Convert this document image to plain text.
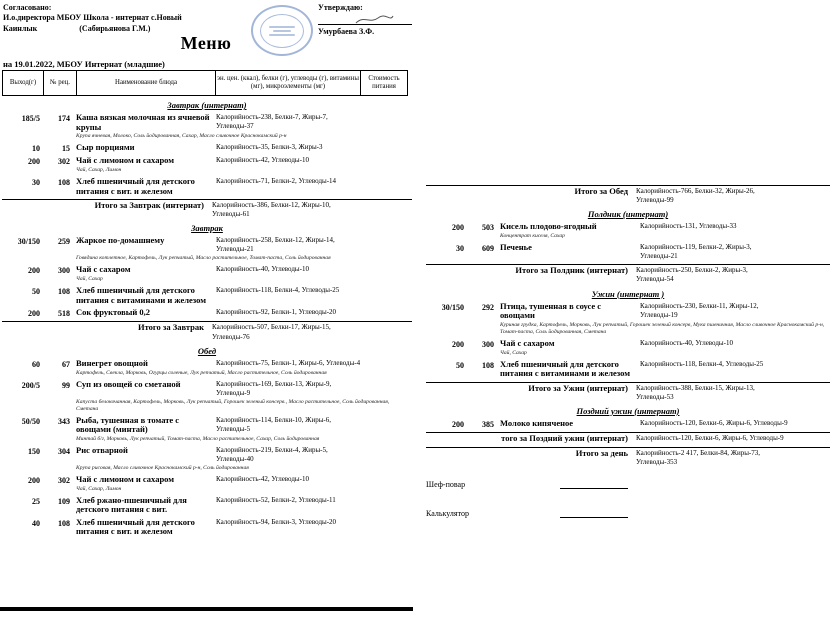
Согласовано:
И.о.директора МБОУ Школа - интернат с.Новый
Каинлык	(Сабирьянова Г.М.)
Утверждаю:
Умурбаева З.Ф.
Меню
на 19.01.2022, МБОУ Интернат (младшие)
Выход(г)	№ рец.	Наименование блюда
эн. цен. (ккал), белки (г), углеводы (г), витамины (мг), микроэлементы (мг)
Стоимость питания
Завтрак (интернат)
185/5	174 Каша вязкая молочная из ячневой крупы
Калорийность-238, Белки-7, Жиры-7, Углеводы-37
Крупа ячневая, Молоко, Соль йодированная, Сахар, Масло сливочное Краснокамский р-н
10	15 Сыр порциями	Калорийность-35, Белки-3, Жиры-3
200	302 Чай с лимоном и сахаром	Калорийность-42, Углеводы-10
Чай, Сахар, Лимон
30	108 Хлеб пшеничный для детского питания с вит. и железом
Калорийность-71, Белки-2, Углеводы-14
Итого за Завтрак (интернат)	Калорийность-386, Белки-12, Жиры-10, Углеводы-61
Завтрак
30/150	259 Жаркое по-домашнему	Калорийность-258, Белки-12, Жиры-14, Углеводы-21
Говядина котлетное, Картофель, Лук репчатый, Масло растительное, Томат-паста, Соль йодированная
200	300 Чай с сахаром	Калорийность-40, Углеводы-10
Чай, Сахар
50	108 Хлеб пшеничный для детского питания с витаминами и железом
Калорийность-118, Белки-4, Углеводы-25
200	518 Сок фруктовый 0,2	Калорийность-92, Белки-1, Углеводы-20
Итого за Завтрак	Калорийность-507, Белки-17, Жиры-15, Углеводы-76
Обед
60	67 Винегрет овощной	Калорийность-75, Белки-1, Жиры-6, Углеводы-4
Картофель, Свекла, Морковь, Огурцы соленые, Лук репчатый, Масло растительное, Соль йодированная
200/5	99 Суп из овощей со сметаной	Калорийность-169, Белки-13, Жиры-9, Углеводы-9
Капуста белокочанная, Картофель, Морковь, Лук репчатый, Горошек зеленый консерв., Масло растительное, Соль йодированная, Сметана
50/50	343 Рыба, тушенная в томате с овощами (минтай)
Калорийность-114, Белки-10, Жиры-6, Углеводы-5
Минтай б/г, Морковь, Лук репчатый, Томат-паста, Масло растительное, Сахар, Соль йодированная
150	304 Рис отварной	Калорийность-219, Белки-4, Жиры-5, Углеводы-40
Крупа рисовая, Масло сливочное Краснокамский р-н, Соль йодированная
200	302 Чай с лимоном и сахаром	Калорийность-42, Углеводы-10
Чай, Сахар, Лимон
25	109 Хлеб ржано-пшеничный для детского питания с вит.
Калорийность-52, Белки-2, Углеводы-11
40	108 Хлеб пшеничный для детского питания с вит. и железом
Калорийность-94, Белки-3, Углеводы-20
Итого за Обед	Калорийность-766, Белки-32, Жиры-26, Углеводы-99
Полдник (интернат)
200	503 Кисель плодово-ягодный	Калорийность-131, Углеводы-33
Концентрат киселя, Сахар
30	609 Печенье	Калорийность-119, Белки-2, Жиры-3, Углеводы-21
Итого за Полдник (интернат)	Калорийность-250, Белки-2, Жиры-3, Углеводы-54
Ужин (интернат )
30/150	292 Птица, тушенная в соусе с овощами
Калорийность-230, Белки-11, Жиры-12, Углеводы-19
Куриная грудка, Картофель, Морковь, Лук репчатый, Горошек зеленый консерв, Мука пшеничная, Масло сливочное Краснокамский р-н, Томат-паста, Соль йодированная, Сметана
200	300 Чай с сахаром	Калорийность-40, Углеводы-10
Чай, Сахар
50	108 Хлеб пшеничный для детского питания с витаминами и железом
Калорийность-118, Белки-4, Углеводы-25
Итого за Ужин (интернат)	Калорийность-388, Белки-15, Жиры-13, Углеводы-53
Поздний ужин (интернат)
200	385 Молоко кипяченое	Калорийность-120, Белки-6, Жиры-6, Углеводы-9
того за Поздний ужин (интернат)	Калорийность-120, Белки-6, Жиры-6, Углеводы-9
Итого за день	Калорийность-2 417, Белки-84, Жиры-73, Углеводы-353
Шеф-повар
Калькулятор
